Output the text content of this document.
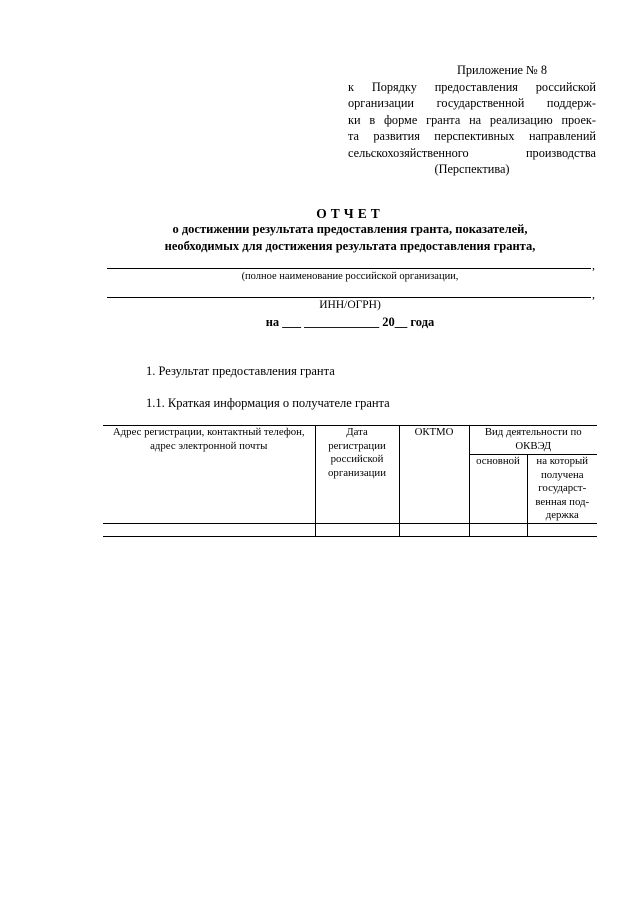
Приложение № 8
к Порядку предоставления российской
организации государственной поддерж-
ки в форме гранта на реализацию проек-
та развития перспективных направлений
сельскохозяйственного производства
(Перспектива)
ОТЧЕТ
о достижении результата предоставления гранта, показателей,
необходимых для достижения результата предоставления гранта,
,
(полное наименование российской организации,
,
ИНН/ОГРН)
на ___ ____________ 20__ года
1. Результат предоставления гранта
1.1. Краткая информация о получателе гранта
Адрес регистрации, контактный телефон, адрес электронной почты	Дата регистрации российской организации	ОКТМО	Вид деятельности по ОКВЭД	
			основной	на который получена государст-венная под-держка
